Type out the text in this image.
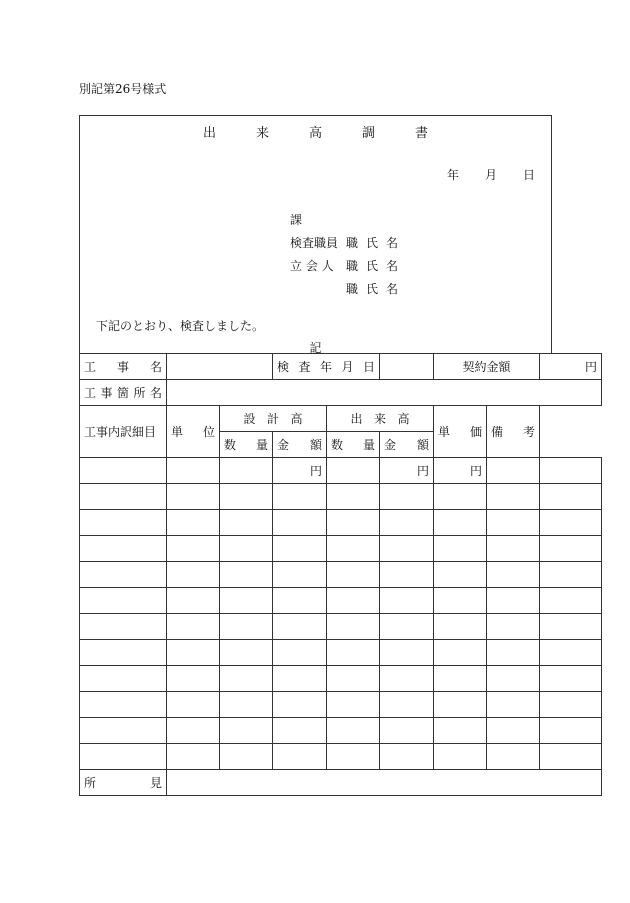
別記第26号様式
出	来	高	調	書
年 月 日
課
検査職員 職氏名
立 会 人 職氏名
職氏名
下記のとおり、検査しました。
記
工 事 名			検 査 年 月 日			契約金額		円

工 事 箇 所 名								

工事内訳細目	単 位	設 計 高		出 来 高		単 価	備 考	

		数 量	金 額	数 量	金 額			

			円		円	円		

所 見								
